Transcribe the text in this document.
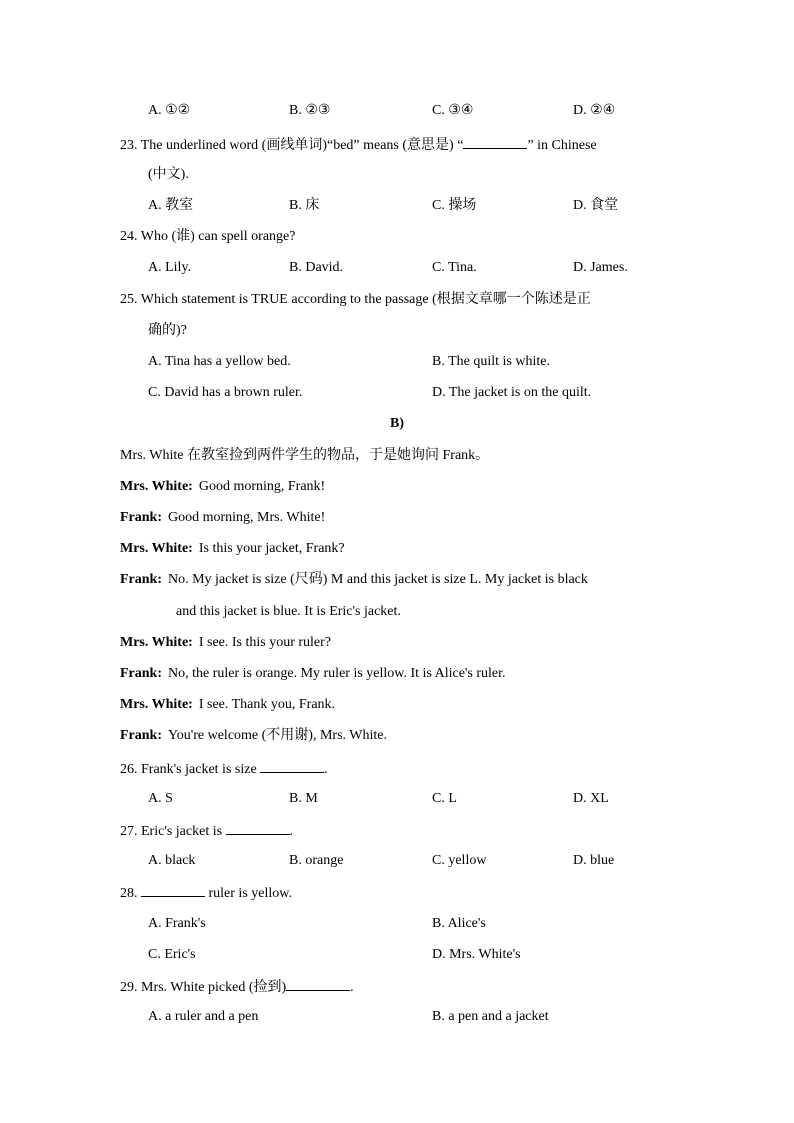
A. ①②	B. ②③	C. ③④	D. ②④
23. The underlined word (画线单词)“bed” means (意思是) “	” in Chinese
(中文).
A. 教室	B. 床	C. 操场	D. 食堂
24. Who (谁) can spell orange?
A. Lily.	B. David.	C. Tina.	D. James.
25. Which statement is TRUE according to the passage (根据文章哪一个陈述是正
确的)?
A. Tina has a yellow bed.	B. The quilt is white.
C. David has a brown ruler.	D. The jacket is on the quilt.
B)
Mrs. White 在教室捡到两件学生的物品，于是她询问 Frank。
Mrs. White: Good morning, Frank!
Frank: Good morning, Mrs. White!
Mrs. White: Is this your jacket, Frank?
Frank: No. My jacket is size (尺码) M and this jacket is size L. My jacket is black
and this jacket is blue. It is Eric's jacket.
Mrs. White: I see. Is this your ruler?
Frank: No, the ruler is orange. My ruler is yellow. It is Alice's ruler.
Mrs. White: I see. Thank you, Frank.
Frank: You're welcome (不用谢), Mrs. White.
26. Frank's jacket is size	.
A. S	B. M	C. L	D. XL
27. Eric's jacket is	.
A. black	B. orange	C. yellow	D. blue
28.	ruler is yellow.
A. Frank's	B. Alice's
C. Eric's	D. Mrs. White's
29. Mrs. White picked (捡到)	.
A. a ruler and a pen	B. a pen and a jacket
